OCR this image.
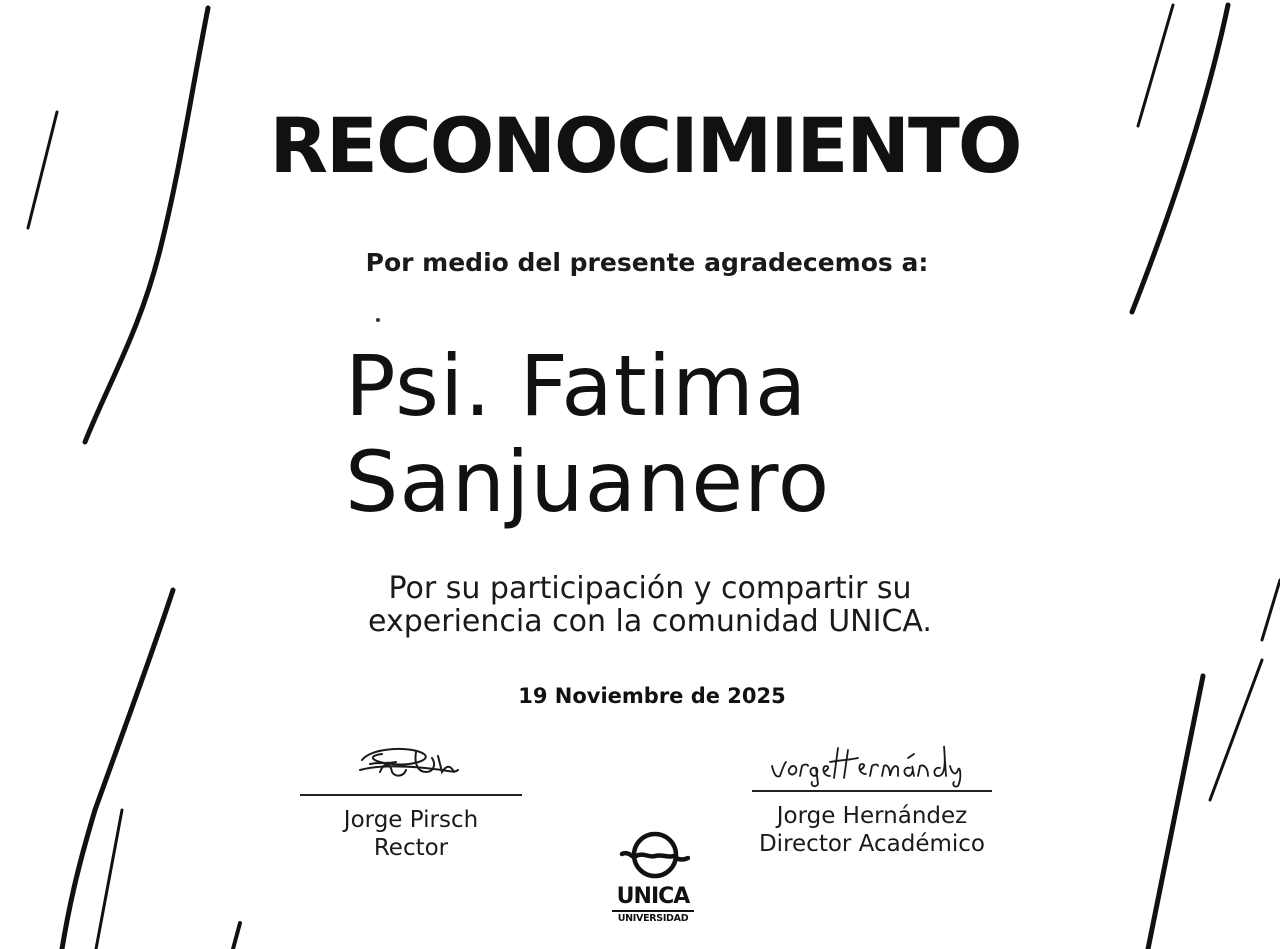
RECONOCIMIENTO
Por medio del presente agradecemos a:
Psi. Fatima
Sanjuanero
Por su participación y compartir su
experiencia con la comunidad UNICA.
19 Noviembre de 2025
Jorge Pirsch
Rector
Jorge Hernández
Director Académico
UNICA
UNIVERSIDAD
